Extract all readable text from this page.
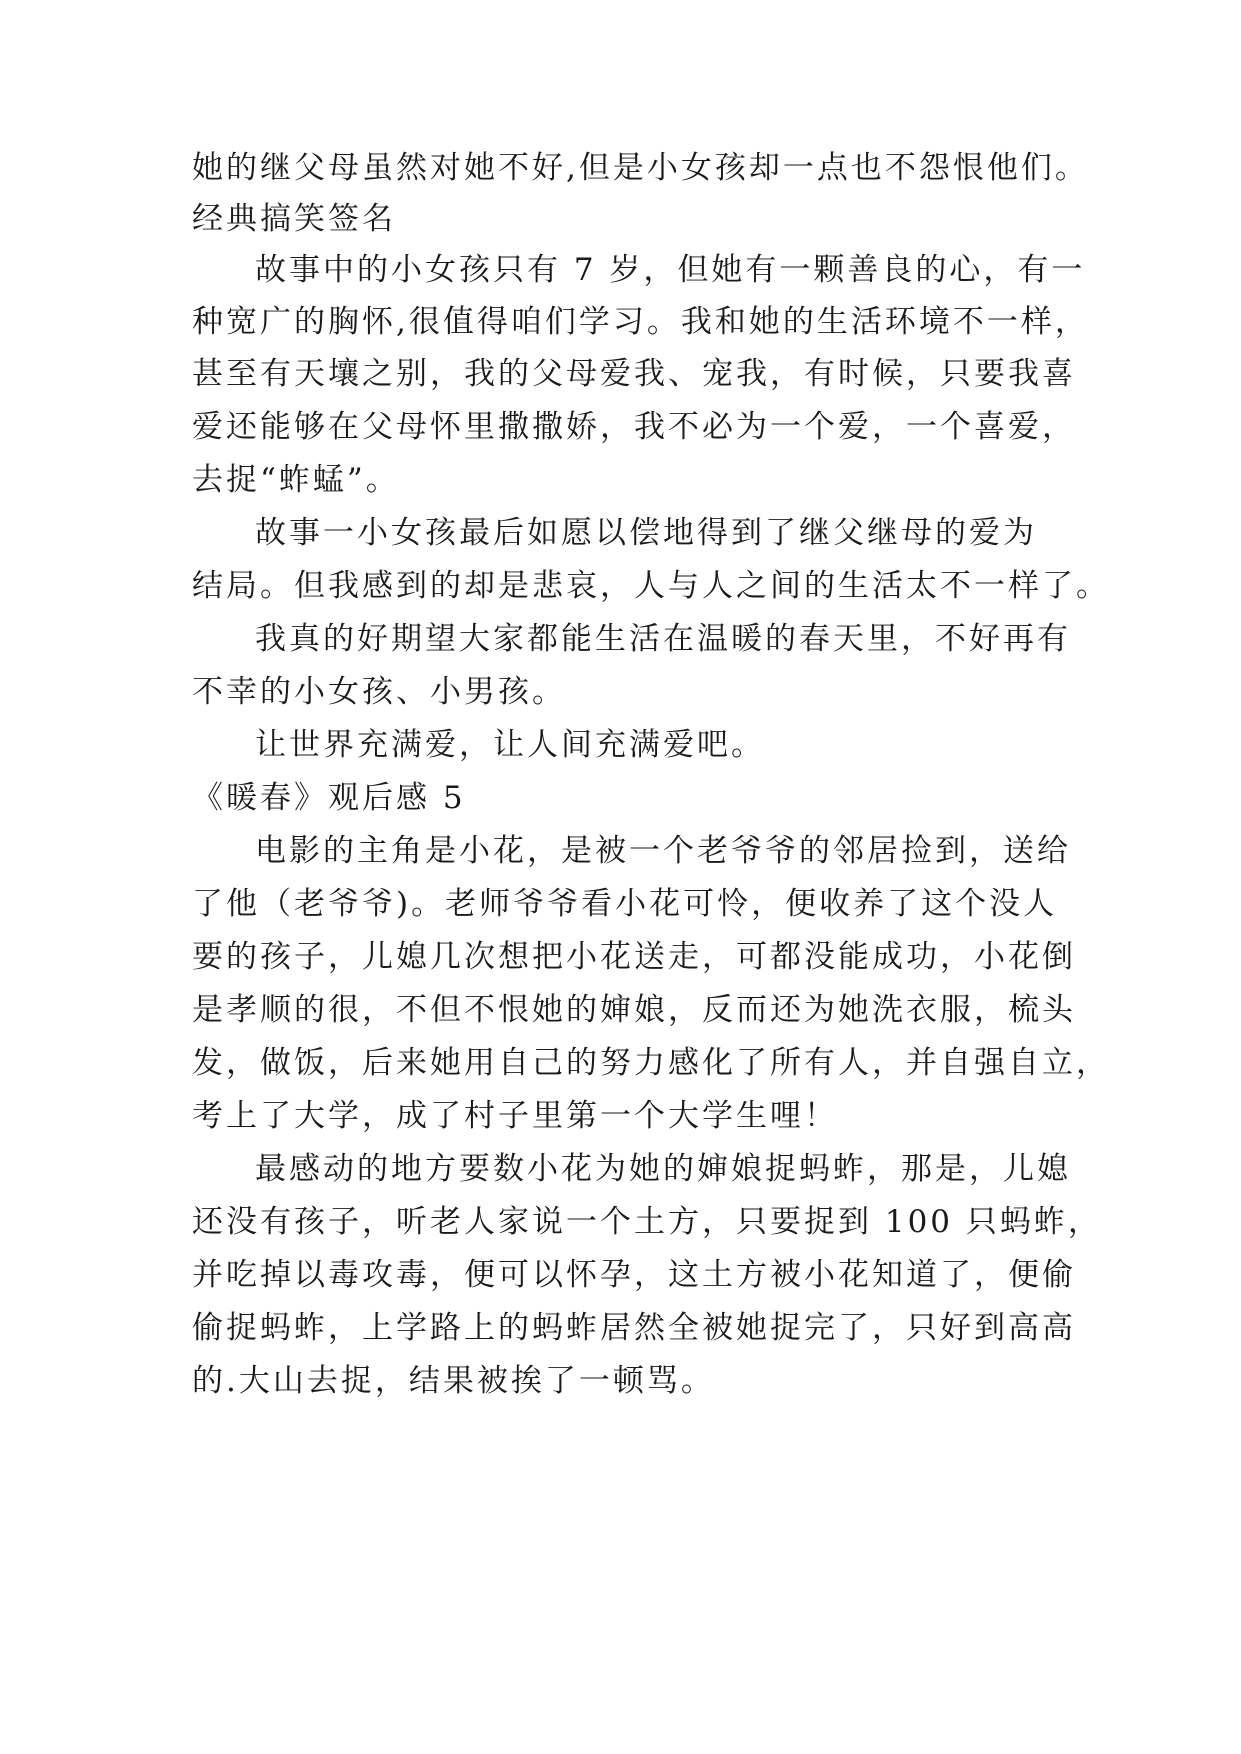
她的继父母虽然对她不好,但是小女孩却一点也不怨恨他们。
经典搞笑签名
故事中的小女孩只有 7 岁，但她有一颗善良的心，有一
种宽广的胸怀,很值得咱们学习。我和她的生活环境不一样，
甚至有天壤之别，我的父母爱我、宠我，有时候，只要我喜
爱还能够在父母怀里撒撒娇，我不必为一个爱，一个喜爱，
去捉“蚱蜢”。
故事一小女孩最后如愿以偿地得到了继父继母的爱为
结局。但我感到的却是悲哀，人与人之间的生活太不一样了。
我真的好期望大家都能生活在温暖的春天里，不好再有
不幸的小女孩、小男孩。
让世界充满爱，让人间充满爱吧。
《暖春》观后感 5
电影的主角是小花，是被一个老爷爷的邻居捡到，送给
了他（老爷爷)。老师爷爷看小花可怜，便收养了这个没人
要的孩子，儿媳几次想把小花送走，可都没能成功，小花倒
是孝顺的很，不但不恨她的婶娘，反而还为她洗衣服，梳头
发，做饭，后来她用自己的努力感化了所有人，并自强自立，
考上了大学，成了村子里第一个大学生哩！
最感动的地方要数小花为她的婶娘捉蚂蚱，那是，儿媳
还没有孩子，听老人家说一个土方，只要捉到 100 只蚂蚱，
并吃掉以毒攻毒，便可以怀孕，这土方被小花知道了，便偷
偷捉蚂蚱，上学路上的蚂蚱居然全被她捉完了，只好到高高
的.大山去捉，结果被挨了一顿骂。
